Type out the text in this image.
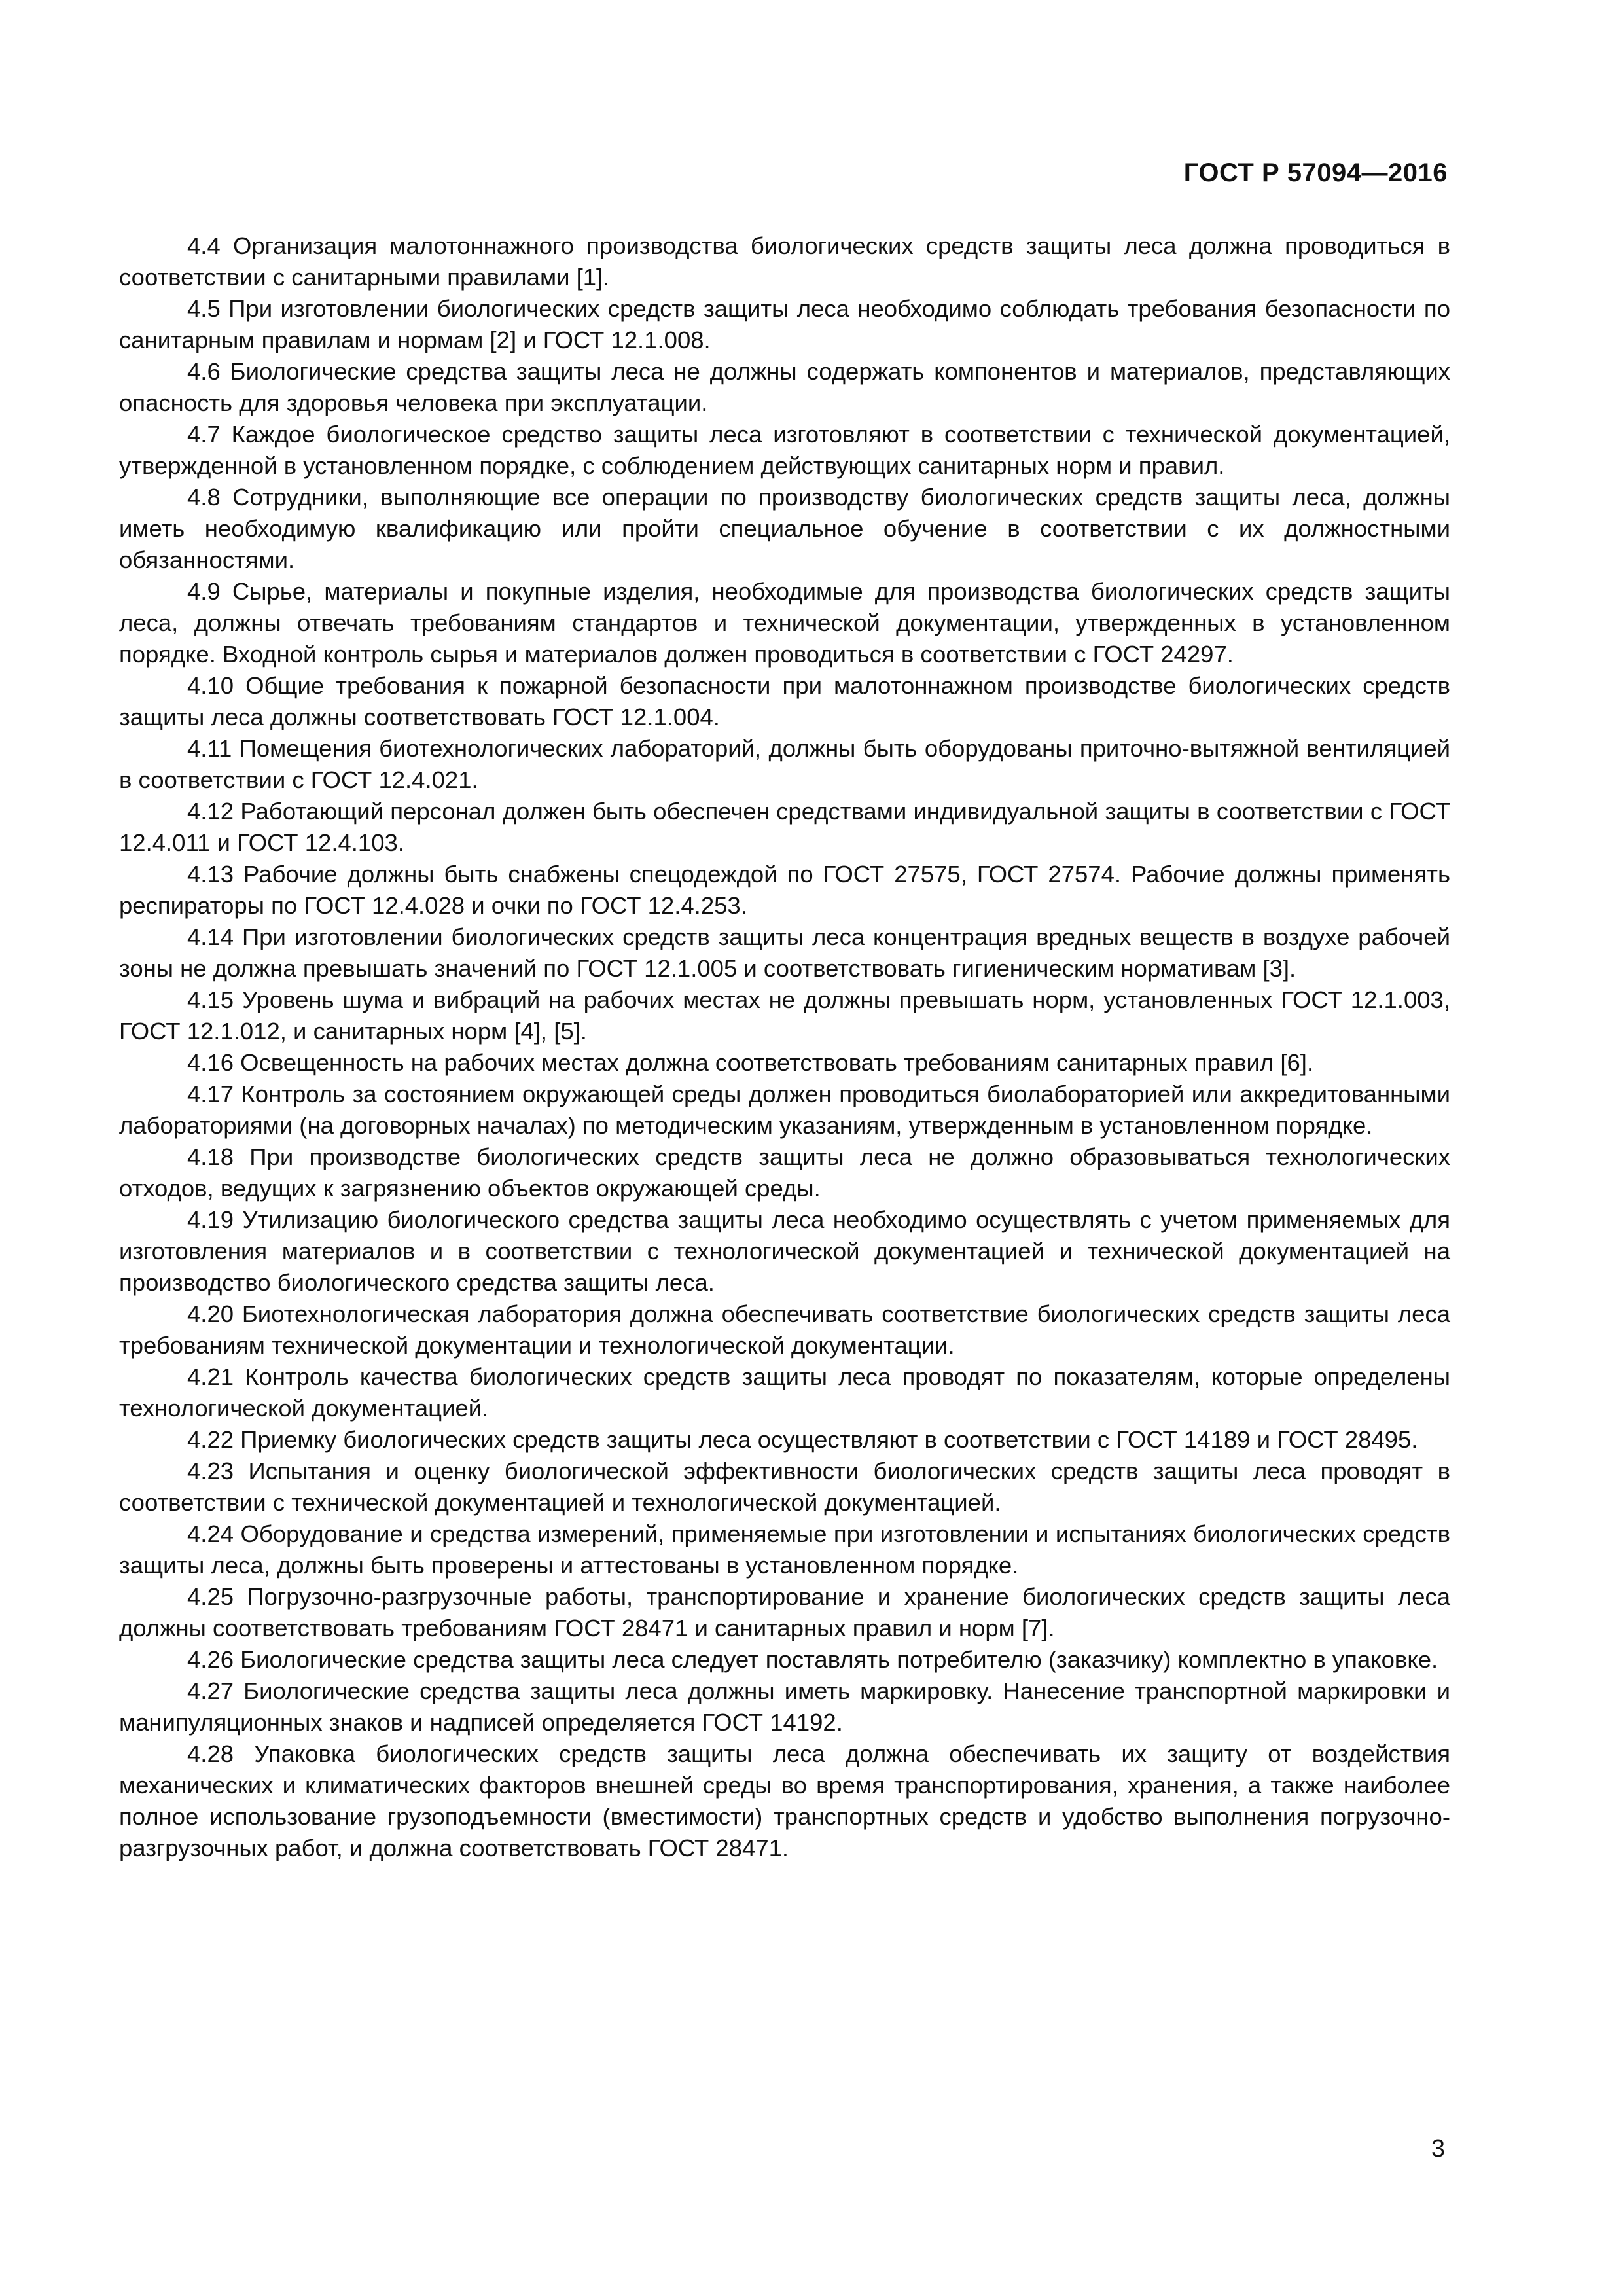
ГОСТ Р 57094—2016

4.4 Организация малотоннажного производства биологических средств защиты леса должна проводиться в соответствии с санитарными правилами [1].

4.5 При изготовлении биологических средств защиты леса необходимо соблюдать требования безопасности по санитарным правилам и нормам [2] и ГОСТ 12.1.008.

4.6 Биологические средства защиты леса не должны содержать компонентов и материалов, представляющих опасность для здоровья человека при эксплуатации.

4.7 Каждое биологическое средство защиты леса изготовляют в соответствии с технической документацией, утвержденной в установленном порядке, с соблюдением действующих санитарных норм и правил.

4.8 Сотрудники, выполняющие все операции по производству биологических средств защиты леса, должны иметь необходимую квалификацию или пройти специальное обучение в соответствии с их должностными обязанностями.

4.9 Сырье, материалы и покупные изделия, необходимые для производства биологических средств защиты леса, должны отвечать требованиям стандартов и технической документации, утвержденных в установленном порядке. Входной контроль сырья и материалов должен проводиться в соответствии с ГОСТ 24297.

4.10 Общие требования к пожарной безопасности при малотоннажном производстве биологических средств защиты леса должны соответствовать ГОСТ 12.1.004.

4.11 Помещения биотехнологических лабораторий, должны быть оборудованы приточно-вытяжной вентиляцией в соответствии с ГОСТ 12.4.021.

4.12 Работающий персонал должен быть обеспечен средствами индивидуальной защиты в соответствии с ГОСТ 12.4.011 и ГОСТ 12.4.103.

4.13 Рабочие должны быть снабжены спецодеждой по ГОСТ 27575, ГОСТ 27574. Рабочие должны применять респираторы по ГОСТ 12.4.028 и очки по ГОСТ 12.4.253.

4.14 При изготовлении биологических средств защиты леса концентрация вредных веществ в воздухе рабочей зоны не должна превышать значений по ГОСТ 12.1.005 и соответствовать гигиеническим нормативам [3].

4.15 Уровень шума и вибраций на рабочих местах не должны превышать норм, установленных ГОСТ 12.1.003, ГОСТ 12.1.012, и санитарных норм [4], [5].

4.16 Освещенность на рабочих местах должна соответствовать требованиям санитарных правил [6].

4.17 Контроль за состоянием окружающей среды должен проводиться биолабораторией или аккредитованными лабораториями (на договорных началах) по методическим указаниям, утвержденным в установленном порядке.

4.18 При производстве биологических средств защиты леса не должно образовываться технологических отходов, ведущих к загрязнению объектов окружающей среды.

4.19 Утилизацию биологического средства защиты леса необходимо осуществлять с учетом применяемых для изготовления материалов и в соответствии с технологической документацией и технической документацией на производство биологического средства защиты леса.

4.20 Биотехнологическая лаборатория должна обеспечивать соответствие биологических средств защиты леса требованиям технической документации и технологической документации.

4.21 Контроль качества биологических средств защиты леса проводят по показателям, которые определены технологической документацией.

4.22 Приемку биологических средств защиты леса осуществляют в соответствии с ГОСТ 14189 и ГОСТ 28495.

4.23 Испытания и оценку биологической эффективности биологических средств защиты леса проводят в соответствии с технической документацией и технологической документацией.

4.24 Оборудование и средства измерений, применяемые при изготовлении и испытаниях биологических средств защиты леса, должны быть проверены и аттестованы в установленном порядке.

4.25 Погрузочно-разгрузочные работы, транспортирование и хранение биологических средств защиты леса должны соответствовать требованиям ГОСТ 28471 и санитарных правил и норм [7].

4.26 Биологические средства защиты леса следует поставлять потребителю (заказчику) комплектно в упаковке.

4.27 Биологические средства защиты леса должны иметь маркировку. Нанесение транспортной маркировки и манипуляционных знаков и надписей определяется ГОСТ 14192.

4.28 Упаковка биологических средств защиты леса должна обеспечивать их защиту от воздействия механических и климатических факторов внешней среды во время транспортирования, хранения, а также наиболее полное использование грузоподъемности (вместимости) транспортных средств и удобство выполнения погрузочно-разгрузочных работ, и должна соответствовать ГОСТ 28471.

3
